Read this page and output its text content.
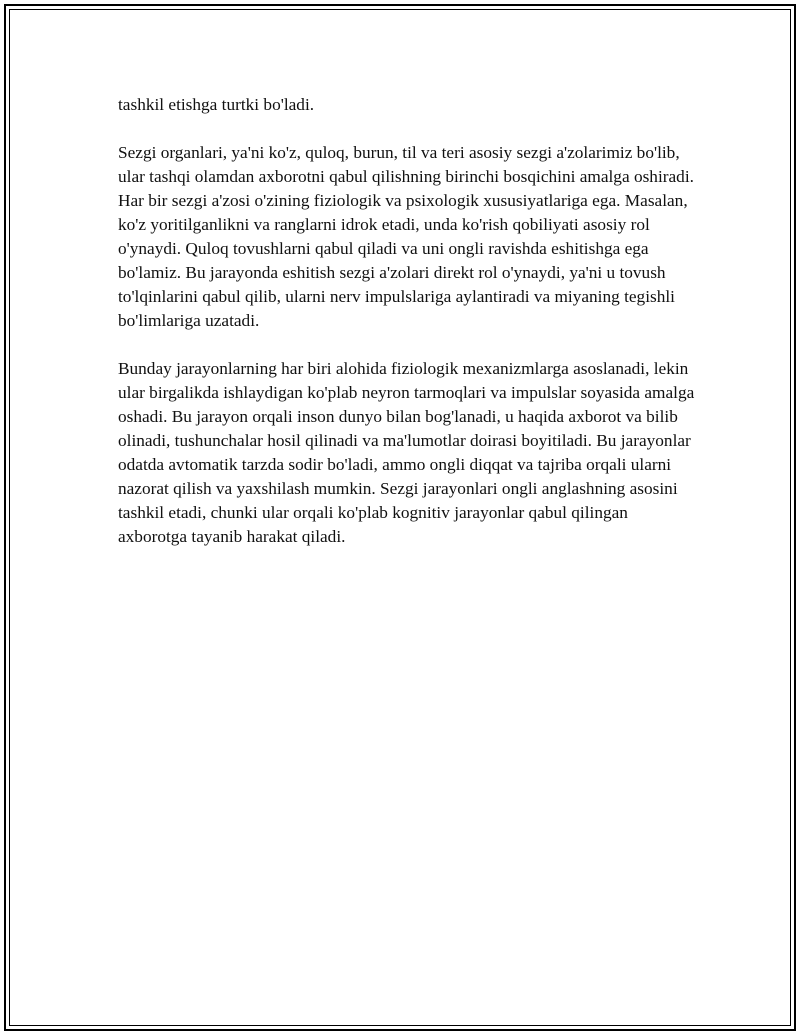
tashkil etishga turtki bo'ladi.

Sezgi organlari, ya'ni ko'z, quloq, burun, til va teri asosiy sezgi a'zolarimiz bo'lib, ular tashqi olamdan axborotni qabul qilishning birinchi bosqichini amalga oshiradi. Har bir sezgi a'zosi o'zining fiziologik va psixologik xususiyatlariga ega. Masalan, ko'z yoritilganlikni va ranglarni idrok etadi, unda ko'rish qobiliyati asosiy rol o'ynaydi. Quloq tovushlarni qabul qiladi va uni ongli ravishda eshitishga ega bo'lamiz. Bu jarayonda eshitish sezgi a'zolari direkt rol o'ynaydi, ya'ni u tovush to'lqinlarini qabul qilib, ularni nerv impulslariga aylantiradi va miyaning tegishli bo'limlariga uzatadi.

Bunday jarayonlarning har biri alohida fiziologik mexanizmlarga asoslanadi, lekin ular birgalikda ishlaydigan ko'plab neyron tarmoqlari va impulslar soyasida amalga oshadi. Bu jarayon orqali inson dunyo bilan bog'lanadi, u haqida axborot va bilib olinadi, tushunchalar hosil qilinadi va ma'lumotlar doirasi boyitiladi. Bu jarayonlar odatda avtomatik tarzda sodir bo'ladi, ammo ongli diqqat va tajriba orqali ularni nazorat qilish va yaxshilash mumkin. Sezgi jarayonlari ongli anglashning asosini tashkil etadi, chunki ular orqali ko'plab kognitiv jarayonlar qabul qilingan axborotga tayanib harakat qiladi.
